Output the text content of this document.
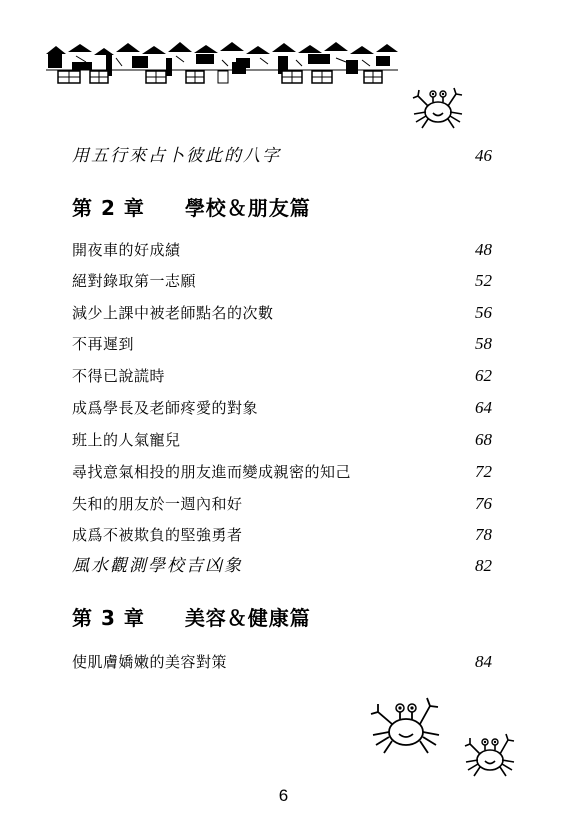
用五行來占卜彼此的八字	46
第 2 章 學校＆朋友篇
開夜車的好成績	48
絕對錄取第一志願	52
減少上課中被老師點名的次數	56
不再遲到	58
不得已說謊時	62
成爲學長及老師疼愛的對象	64
班上的人氣寵兒	68
尋找意氣相投的朋友進而變成親密的知己	72
失和的朋友於一週內和好	76
成爲不被欺負的堅強勇者	78
風水觀測學校吉凶象	82
第 3 章 美容＆健康篇
使肌膚嬌嫩的美容對策	84
6
